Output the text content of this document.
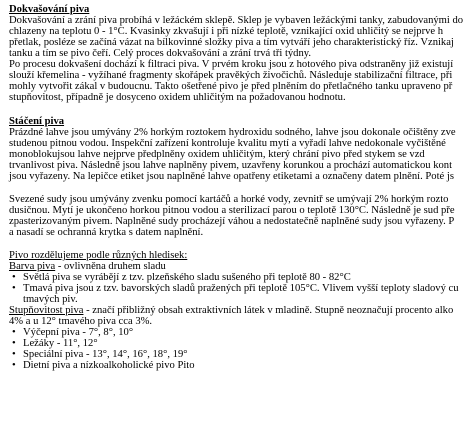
Dokvašování piva
Dokvašování a zrání piva probíhá v ležáckém sklepě. Sklep je vybaven ležáckými tanky, zabudovanými do
chlazeny na teplotu 0 - 1°C. Kvasinky zkvašují i při nízké teplotě, vznikající oxid uhličitý se nejprve h
přetlak, posléze se začíná vázat na bílkovinné složky piva a tím vytváří jeho charakteristický říz. Vznikaj
tanku a tím se pivo čeří. Celý proces dokvašování a zrání trvá tři týdny.
Po procesu dokvašení dochází k filtraci piva. V prvém kroku jsou z hotového piva odstraněny již existují
slouží křemelina - vyžíhané fragmenty skořápek pravěkých živočichů. Následuje stabilizační filtrace, při
mohly vytvořit zákal v budoucnu. Takto ošetřené pivo je před plněním do přetlačného tanku upraveno př
stupňovitost, případně je dosyceno oxidem uhličitým na požadovanou hodnotu.
Stáčení piva
Prázdné lahve jsou umývány 2% horkým roztokem hydroxidu sodného, lahve jsou dokonale očištěny zve
studenou pitnou vodou. Inspekční zařízení kontroluje kvalitu mytí a vyřadí lahve nedokonale vyčištěné
monoblokujsou lahve nejprve předplněny oxidem uhličitým, který chrání pivo před stykem se vzd
trvanlivost piva. Následně jsou lahve naplněny pivem, uzavřeny korunkou a prochází automatickou kont
jsou vyřazeny. Na lepičce etiket jsou naplněné lahve opatřeny etiketami a označeny datem plnění. Poté js
Svezené sudy jsou umývány zvenku pomocí kartáčů a horké vody, zevnitř se umývají 2% horkým rozto
dusičnou. Mytí je ukončeno horkou pitnou vodou a sterilizací parou o teplotě 130°C. Následně je sud pře
zpasterizovaným pivem. Naplněné sudy procházejí váhou a nedostatečně naplněné sudy jsou vyřazeny. P
a nasadí se ochranná krytka s datem naplnění.
Pivo rozdělujeme podle různých hledisek:
Barva piva - ovlivněna druhem sladu
• Světlá piva se vyrábějí z tzv. plzeňského sladu sušeného při teplotě 80 - 82°C
• Tmavá piva jsou z tzv. bavorských sladů pražených při teplotě 105°C. Vlivem vyšší teploty sladový cu
tmavých piv.
Stupňovitost piva - značí přibližný obsah extraktivních látek v mladině. Stupně neoznačují procento alko
4% a u 12° tmavého piva cca 3%.
• Výčepní piva - 7°, 8°, 10°
• Ležáky - 11°, 12°
• Speciální piva - 13°, 14°, 16°, 18°, 19°
• Dietní piva a nízkoalkoholické pivo Pito
